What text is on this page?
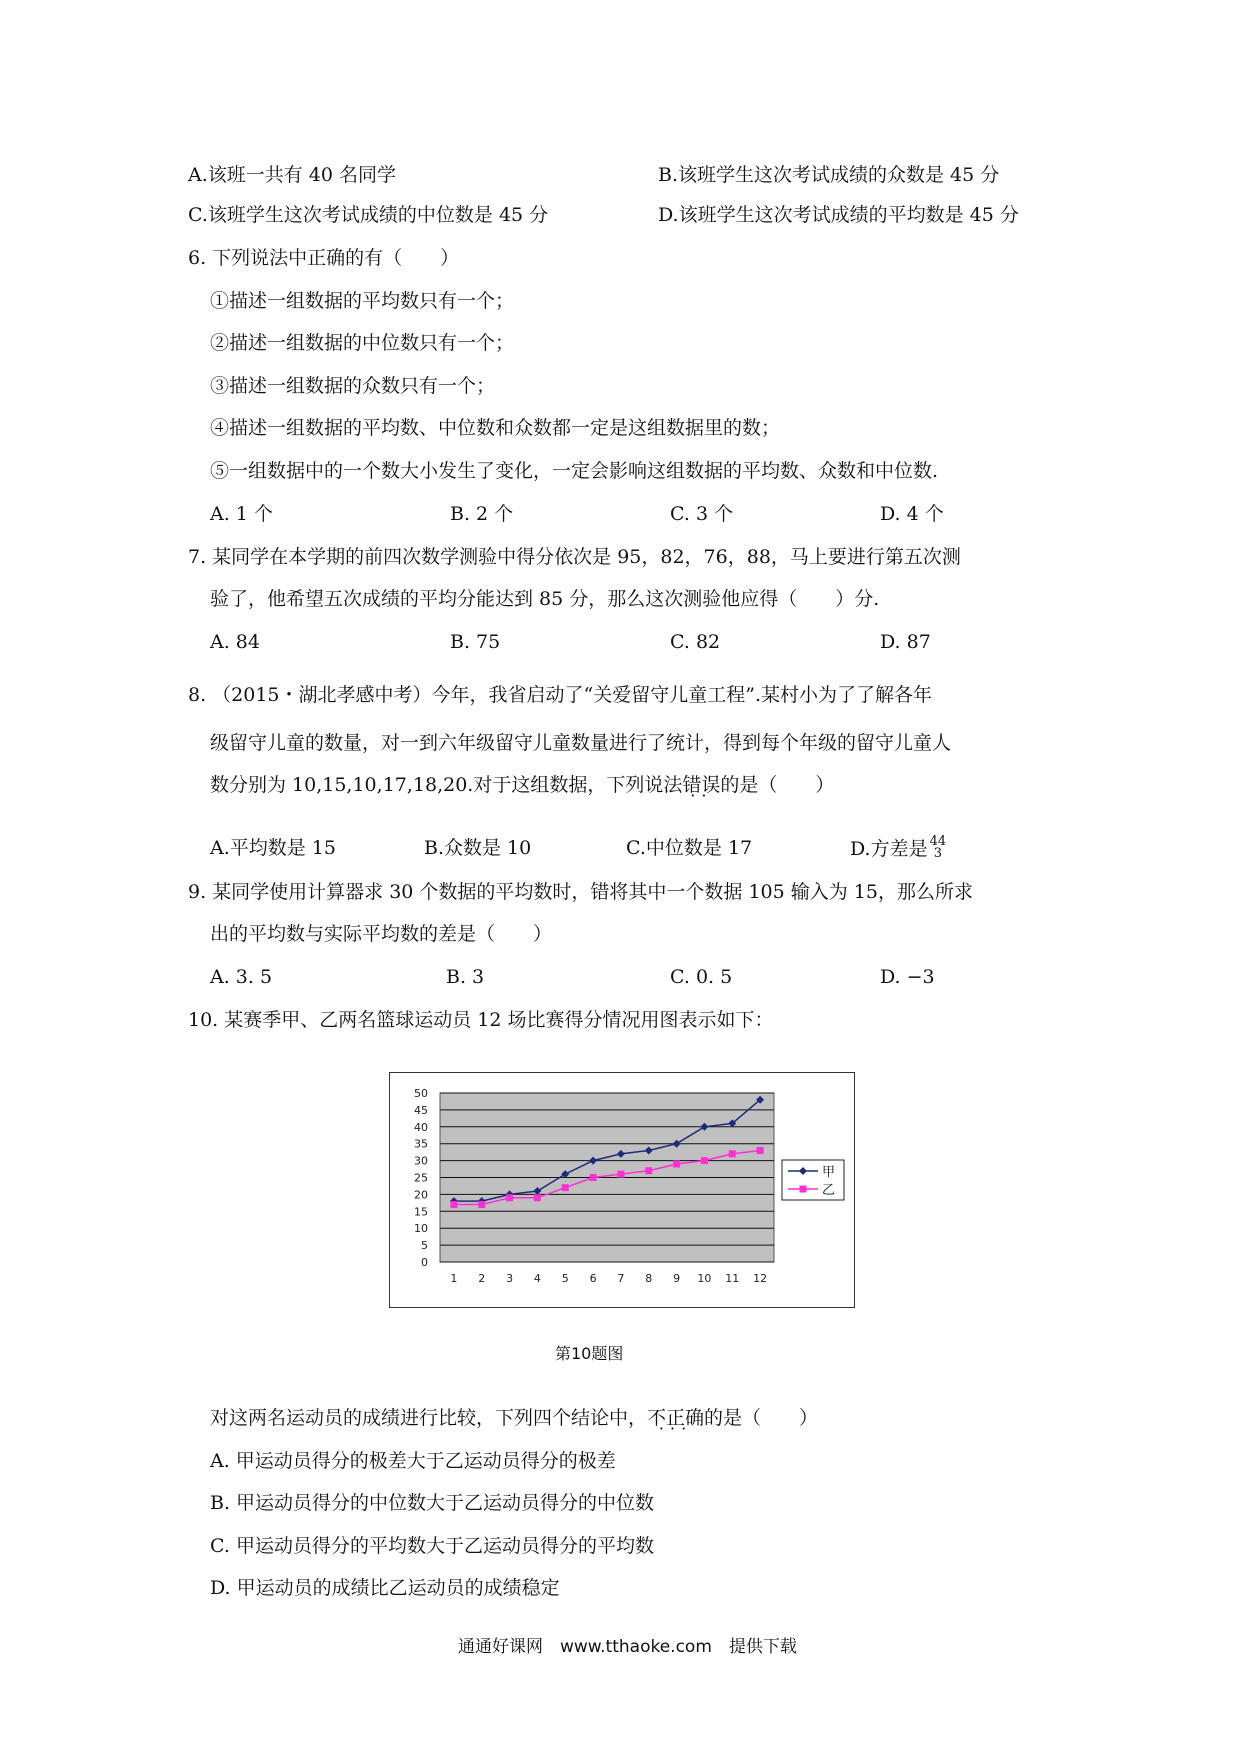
A.该班一共有 40 名同学	B.该班学生这次考试成绩的众数是 45 分
C.该班学生这次考试成绩的中位数是 45 分	D.该班学生这次考试成绩的平均数是 45 分
6. 下列说法中正确的有（　　）
①描述一组数据的平均数只有一个；
②描述一组数据的中位数只有一个；
③描述一组数据的众数只有一个；
④描述一组数据的平均数、中位数和众数都一定是这组数据里的数；
⑤一组数据中的一个数大小发生了变化，一定会影响这组数据的平均数、众数和中位数.
A. 1 个	B. 2 个	C. 3 个	D. 4 个
7. 某同学在本学期的前四次数学测验中得分依次是 95，82，76，88，马上要进行第五次测
验了，他希望五次成绩的平均分能达到 85 分，那么这次测验他应得（　　）分.
A. 84	B. 75	C. 82	D. 87
8. （2015・湖北孝感中考）今年，我省启动了“关爱留守儿童工程”.某村小为了了解各年
级留守儿童的数量，对一到六年级留守儿童数量进行了统计，得到每个年级的留守儿童人
数分别为 10,15,10,17,18,20.对于这组数据，下列说法错误 ··的是（　　）
A.平均数是 15	B.众数是 10	C.中位数是 17	D.方差是 44
3
9. 某同学使用计算器求 30 个数据的平均数时，错将其中一个数据 105 输入为 15，那么所求
出的平均数与实际平均数的差是（　　）
A. 3. 5	B. 3	C. 0. 5	D. −3
10. 某赛季甲、乙两名篮球运动员 12 场比赛得分情况用图表示如下：
0
5
10
15
20
25
30
35
40
45
50
1 2 3 4 5 6 7 8 9 10 11 12
甲
乙
第10题图
对这两名运动员的成绩进行比较，下列四个结论中，不正确 ···的是（　　）
A. 甲运动员得分的极差大于乙运动员得分的极差
B. 甲运动员得分的中位数大于乙运动员得分的中位数
C. 甲运动员得分的平均数大于乙运动员得分的平均数
D. 甲运动员的成绩比乙运动员的成绩稳定
通通好课网　www.tthaoke.com　提供下载
